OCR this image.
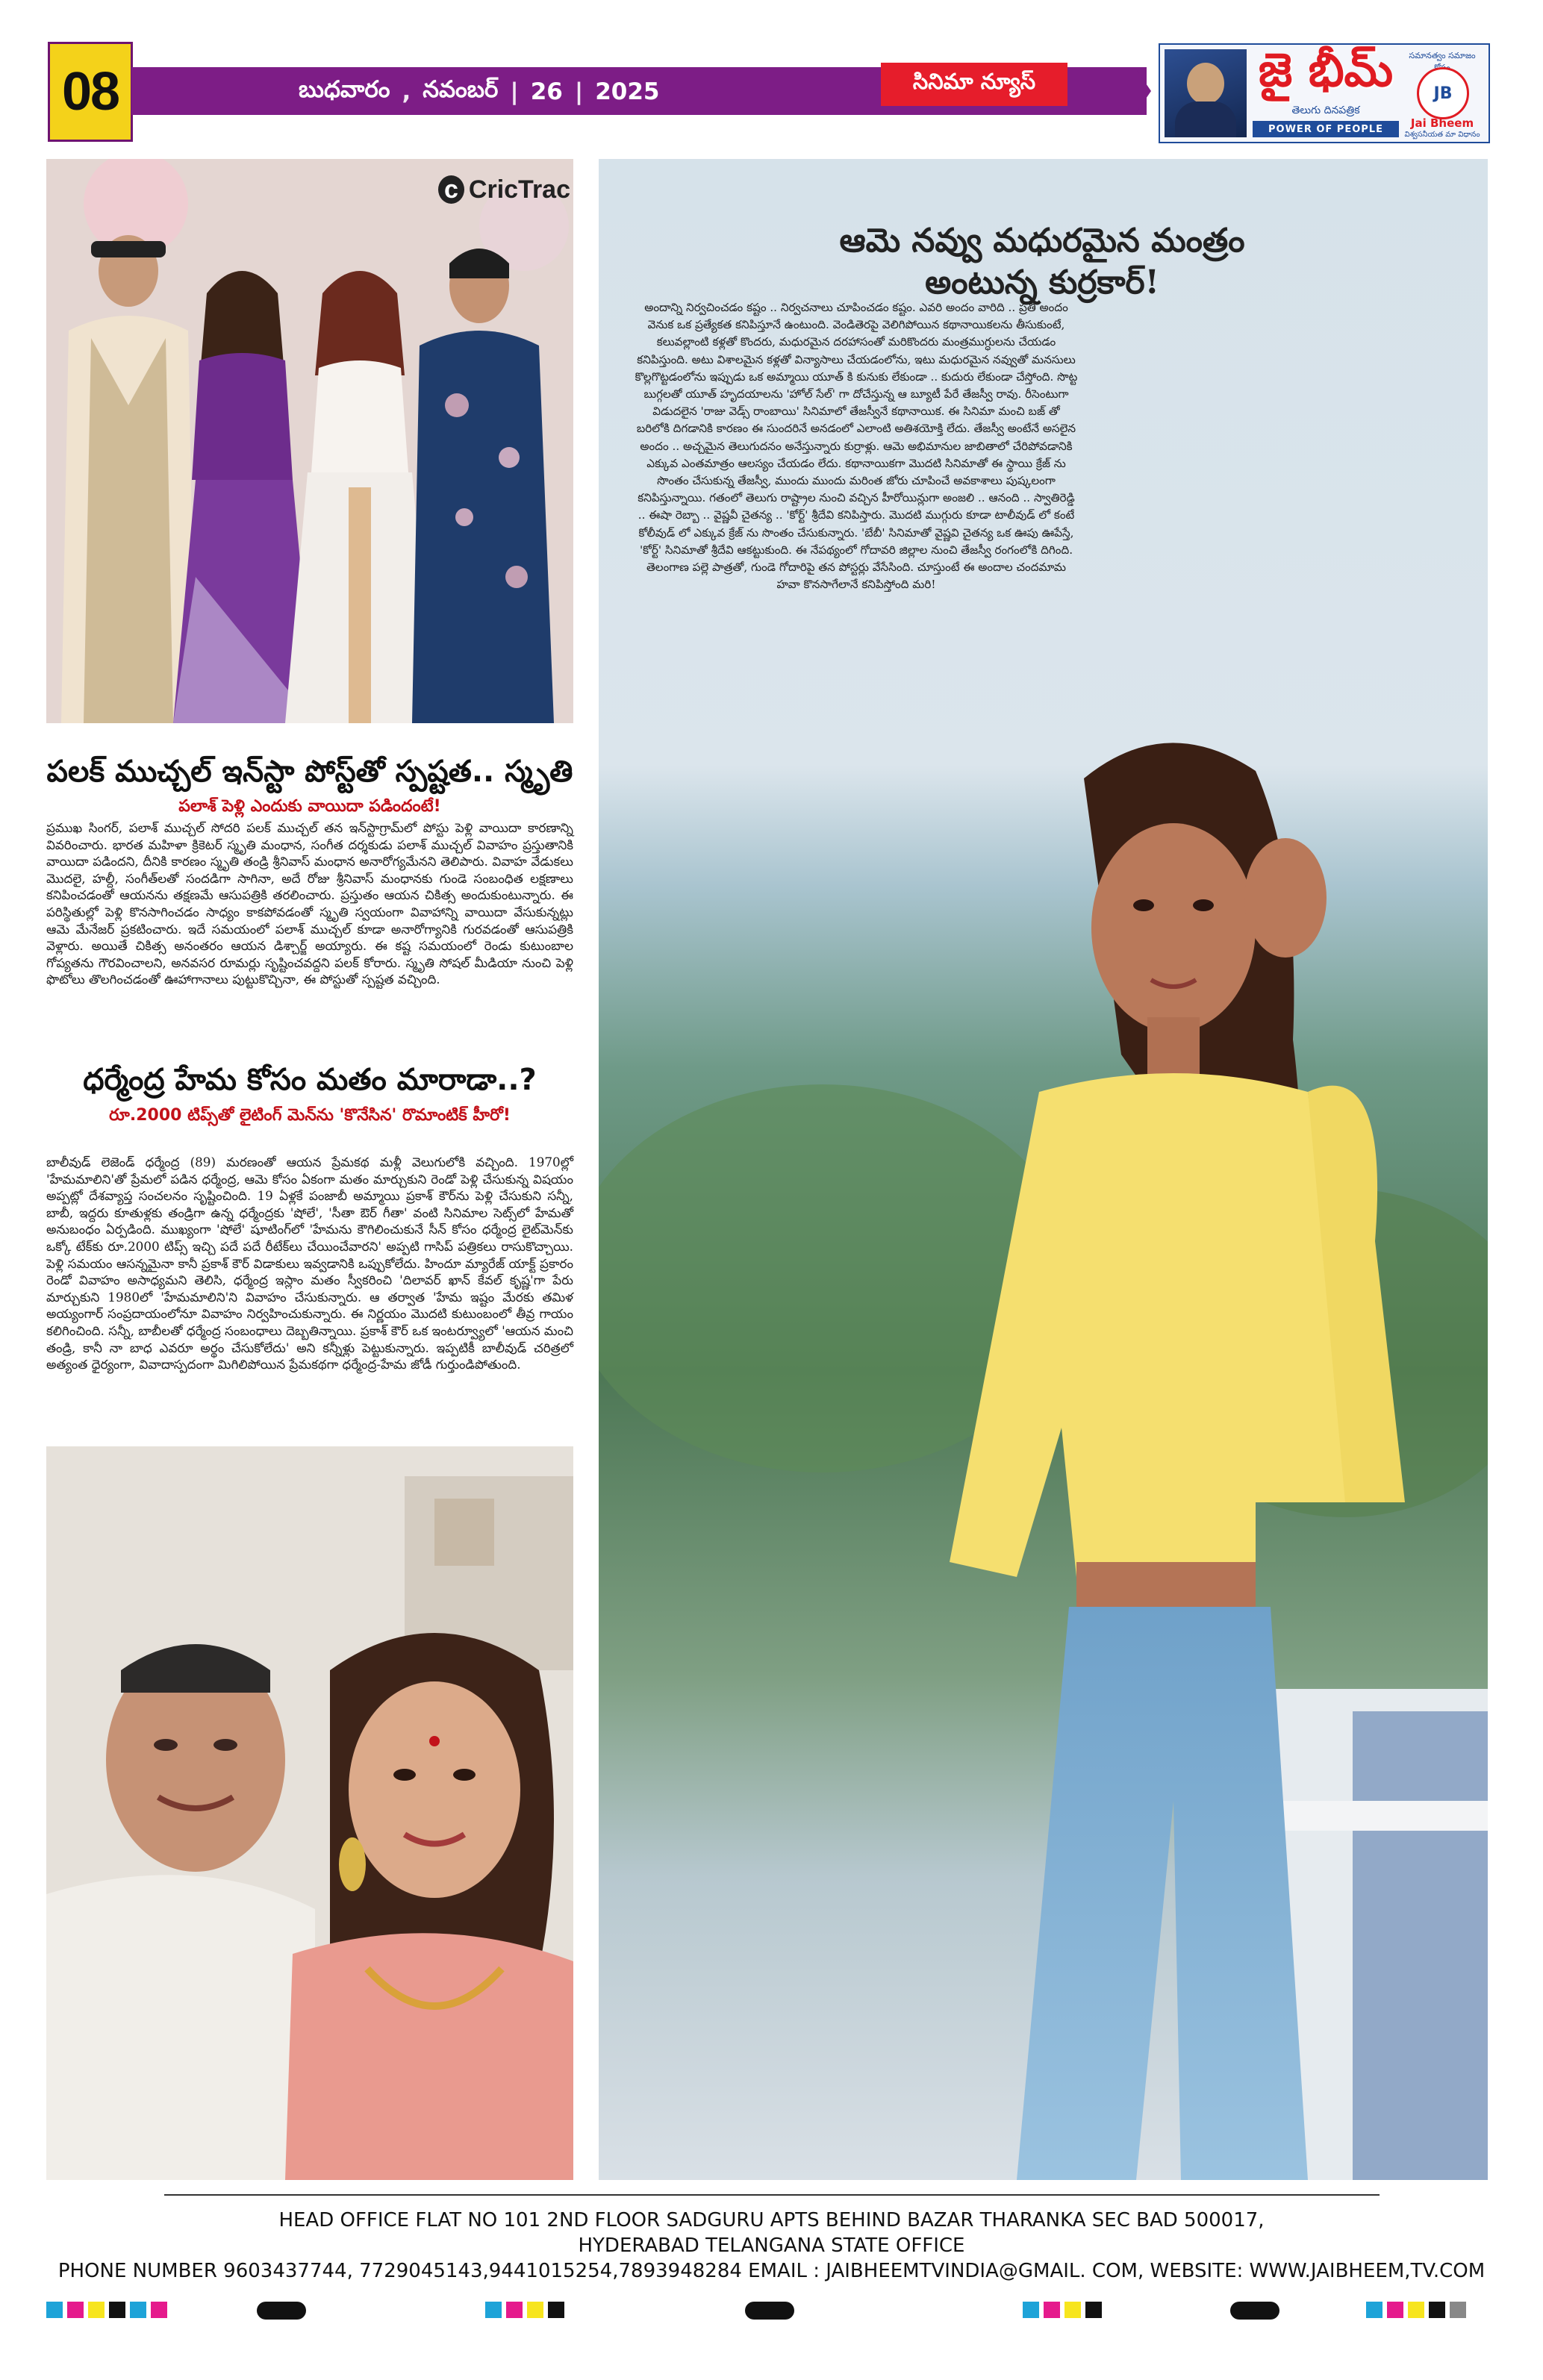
08	బుధవారం , నవంబర్ | 26 | 2025	సినిమా న్యూస్	జై భీమ్
తెలుగు దినపత్రిక
POWER OF PEOPLE
సమానత్వం సమాజం
JB
Jai Bheem
విశ్వసనీయత మా విధానం
c CricTrac
ఆమె నవ్వు మధురమైన మంత్రం
అంటున్న కుర్రకార్!
అందాన్ని నిర్వచించడం కష్టం .. నిర్వచనాలు చూపించడం కష్టం. ఎవరి అందం వారిది .. ప్రతి అందం వెనుక ఒక ప్రత్యేకత కనిపిస్తూనే ఉంటుంది. వెండితెరపై వెలిగిపోయిన కథానాయికలను తీసుకుంటే, కలువల్లాంటి కళ్లతో కొందరు, మధురమైన దరహాసంతో మరికొందరు మంత్రముగ్ధులను చేయడం కనిపిస్తుంది. అటు విశాలమైన కళ్లతో విన్యాసాలు చేయడంలోను, ఇటు మధురమైన నవ్వుతో మనసులు కొల్లగొట్టడంలోను ఇప్పుడు ఒక అమ్మాయి యూత్ కి కునుకు లేకుండా .. కుదురు లేకుండా చేస్తోంది. సొట్ట బుగ్గలతో యూత్ హృదయాలను 'హోల్ సేల్' గా దోచేస్తున్న ఆ బ్యూటీ పేరే తేజస్వీ రావు. రీసెంటుగా విడుదలైన 'రాజు వెడ్స్ రాంబాయి' సినిమాలో తేజస్వీనే కథానాయిక. ఈ సినిమా మంచి బజ్ తో బరిలోకి దిగడానికి కారణం ఈ సుందరినే అనడంలో ఎలాంటి అతిశయోక్తి లేదు. తేజస్వీ అంటేనే అసలైన అందం .. అచ్చమైన తెలుగుదనం అనేస్తున్నారు కుర్రాళ్లు. ఆమె అభిమానుల జాబితాలో చేరిపోవడానికి ఎక్కువ ఎంతమాత్రం ఆలస్యం చేయడం లేదు. కథానాయికగా మొదటి సినిమాతో ఈ స్థాయి క్రేజ్ ను సొంతం చేసుకున్న తేజస్వీ, ముందు ముందు మరింత జోరు చూపించే అవకాశాలు పుష్కలంగా కనిపిస్తున్నాయి. గతంలో తెలుగు రాష్ట్రాల నుంచి వచ్చిన హీరోయిన్లుగా అంజలి .. ఆనంది .. స్వాతిరెడ్డి .. ఈషా రెబ్బా .. వైష్ణవీ చైతన్య .. 'కోర్ట్' శ్రీదేవి కనిపిస్తారు. మొదటి ముగ్గురు కూడా టాలీవుడ్ లో కంటే కోలీవుడ్ లో ఎక్కువ క్రేజ్ ను సొంతం చేసుకున్నారు. 'బేబీ' సినిమాతో వైష్ణవి చైతన్య ఒక ఊపు ఊపేస్తే, 'కోర్ట్' సినిమాతో శ్రీదేవి ఆకట్టుకుంది. ఈ నేపథ్యంలో గోదావరి జిల్లాల నుంచి తేజస్వీ రంగంలోకి దిగింది. తెలంగాణ పల్లె పాత్రతో, గుండె గోదారిపై తన పోస్టర్లు వేసేసింది. చూస్తుంటే ఈ అందాల చందమామ హవా కొనసాగేలానే కనిపిస్తోంది మరి!
పలక్ ముచ్చల్ ఇన్‌స్టా పోస్ట్‌తో స్పష్టత.. స్మృతి
పలాశ్ పెళ్లి ఎందుకు వాయిదా పడిందంటే!
ప్రముఖ సింగర్, పలాశ్ ముచ్చల్ సోదరి పలక్ ముచ్చల్ తన ఇన్‌స్టాగ్రామ్‌లో పోస్టు పెళ్లి వాయిదా కారణాన్ని వివరించారు. భారత మహిళా క్రికెటర్ స్మృతి మంధాన, సంగీత దర్శకుడు పలాశ్ ముచ్చల్ వివాహం ప్రస్తుతానికి వాయిదా పడిందని, దీనికి కారణం స్మృతి తండ్రి శ్రీనివాస్ మంధాన అనారోగ్యమేనని తెలిపారు. వివాహ వేడుకలు మొదలై, హల్దీ, సంగీత్‌లతో సందడిగా సాగినా, అదే రోజు శ్రీనివాస్ మంధానకు గుండె సంబంధిత లక్షణాలు కనిపించడంతో ఆయనను తక్షణమే ఆసుపత్రికి తరలించారు. ప్రస్తుతం ఆయన చికిత్స అందుకుంటున్నారు. ఈ పరిస్థితుల్లో పెళ్లి కొనసాగించడం సాధ్యం కాకపోవడంతో స్మృతి స్వయంగా వివాహాన్ని వాయిదా వేసుకున్నట్లు ఆమె మేనేజర్ ప్రకటించారు. ఇదే సమయంలో పలాశ్ ముచ్చల్ కూడా అనారోగ్యానికి గురవడంతో ఆసుపత్రికి వెళ్లారు. అయితే చికిత్స అనంతరం ఆయన డిశ్చార్జ్ అయ్యారు. ఈ కష్ట సమయంలో రెండు కుటుంబాల గోప్యతను గౌరవించాలని, అనవసర రూమర్లు సృష్టించవద్దని పలక్ కోరారు. స్మృతి సోషల్ మీడియా నుంచి పెళ్లి ఫొటోలు తొలగించడంతో ఊహాగానాలు పుట్టుకొచ్చినా, ఈ పోస్టుతో స్పష్టత వచ్చింది.
ధర్మేంద్ర హేమ కోసం మతం మారాడా..?
రూ.2000 టిప్స్‌తో లైటింగ్ మెన్‌ను 'కొనేసిన' రొమాంటిక్ హీరో!
బాలీవుడ్ లెజెండ్ ధర్మేంద్ర (89) మరణంతో ఆయన ప్రేమకథ మళ్లీ వెలుగులోకి వచ్చింది. 1970ల్లో 'హేమమాలిని'తో ప్రేమలో పడిన ధర్మేంద్ర, ఆమె కోసం ఏకంగా మతం మార్చుకుని రెండో పెళ్లి చేసుకున్న విషయం అప్పట్లో దేశవ్యాప్త సంచలనం సృష్టించింది. 19 ఏళ్లకే పంజాబీ అమ్మాయి ప్రకాశ్ కౌర్‌ను పెళ్లి చేసుకుని సన్నీ, బాబీ, ఇద్దరు కూతుళ్లకు తండ్రిగా ఉన్న ధర్మేంద్రకు 'షోలే', 'సీతా ఔర్ గీతా' వంటి సినిమాల సెట్స్‌లో హేమతో అనుబంధం ఏర్పడింది. ముఖ్యంగా 'షోలే' షూటింగ్‌లో 'హేమను కౌగిలించుకునే సీన్ కోసం ధర్మేంద్ర లైట్‌మెన్‌కు ఒక్కో టేక్‌కు రూ.2000 టిప్స్ ఇచ్చి పదే పదే రీటేక్‌లు చేయించేవారని' అప్పటి గాసిప్ పత్రికలు రాసుకొచ్చాయి. పెళ్లి సమయం ఆసన్నమైనా కానీ ప్రకాశ్ కౌర్ విడాకులు ఇవ్వడానికి ఒప్పుకోలేదు. హిందూ మ్యారేజ్ యాక్ట్ ప్రకారం రెండో వివాహం అసాధ్యమని తెలిసి, ధర్మేంద్ర ఇస్లాం మతం స్వీకరించి 'దిలావర్ ఖాన్ కేవల్ కృష్ణ'గా పేరు మార్చుకుని 1980లో 'హేమమాలిని'ని వివాహం చేసుకున్నారు. ఆ తర్వాత 'హేమ ఇష్టం మేరకు తమిళ అయ్యంగార్ సంప్రదాయంలోనూ వివాహం నిర్వహించుకున్నారు. ఈ నిర్ణయం మొదటి కుటుంబంలో తీవ్ర గాయం కలిగించింది. సన్నీ, బాబీలతో ధర్మేంద్ర సంబంధాలు దెబ్బతిన్నాయి. ప్రకాశ్ కౌర్ ఒక ఇంటర్వ్యూలో 'ఆయన మంచి తండ్రి, కానీ నా బాధ ఎవరూ అర్థం చేసుకోలేదు' అని కన్నీళ్లు పెట్టుకున్నారు. ఇప్పటికీ బాలీవుడ్ చరిత్రలో అత్యంత ధైర్యంగా, వివాదాస్పదంగా మిగిలిపోయిన ప్రేమకథగా ధర్మేంద్ర-హేమ జోడీ గుర్తుండిపోతుంది.
HEAD OFFICE FLAT NO 101 2ND FLOOR SADGURU APTS BEHIND BAZAR THARANKA SEC BAD 500017,
HYDERABAD TELANGANA STATE OFFICE
PHONE NUMBER 9603437744, 7729045143,9441015254,7893948284 EMAIL : JAIBHEEMTVINDIA@GMAIL. COM, WEBSITE: WWW.JAIBHEEM,TV.COM
